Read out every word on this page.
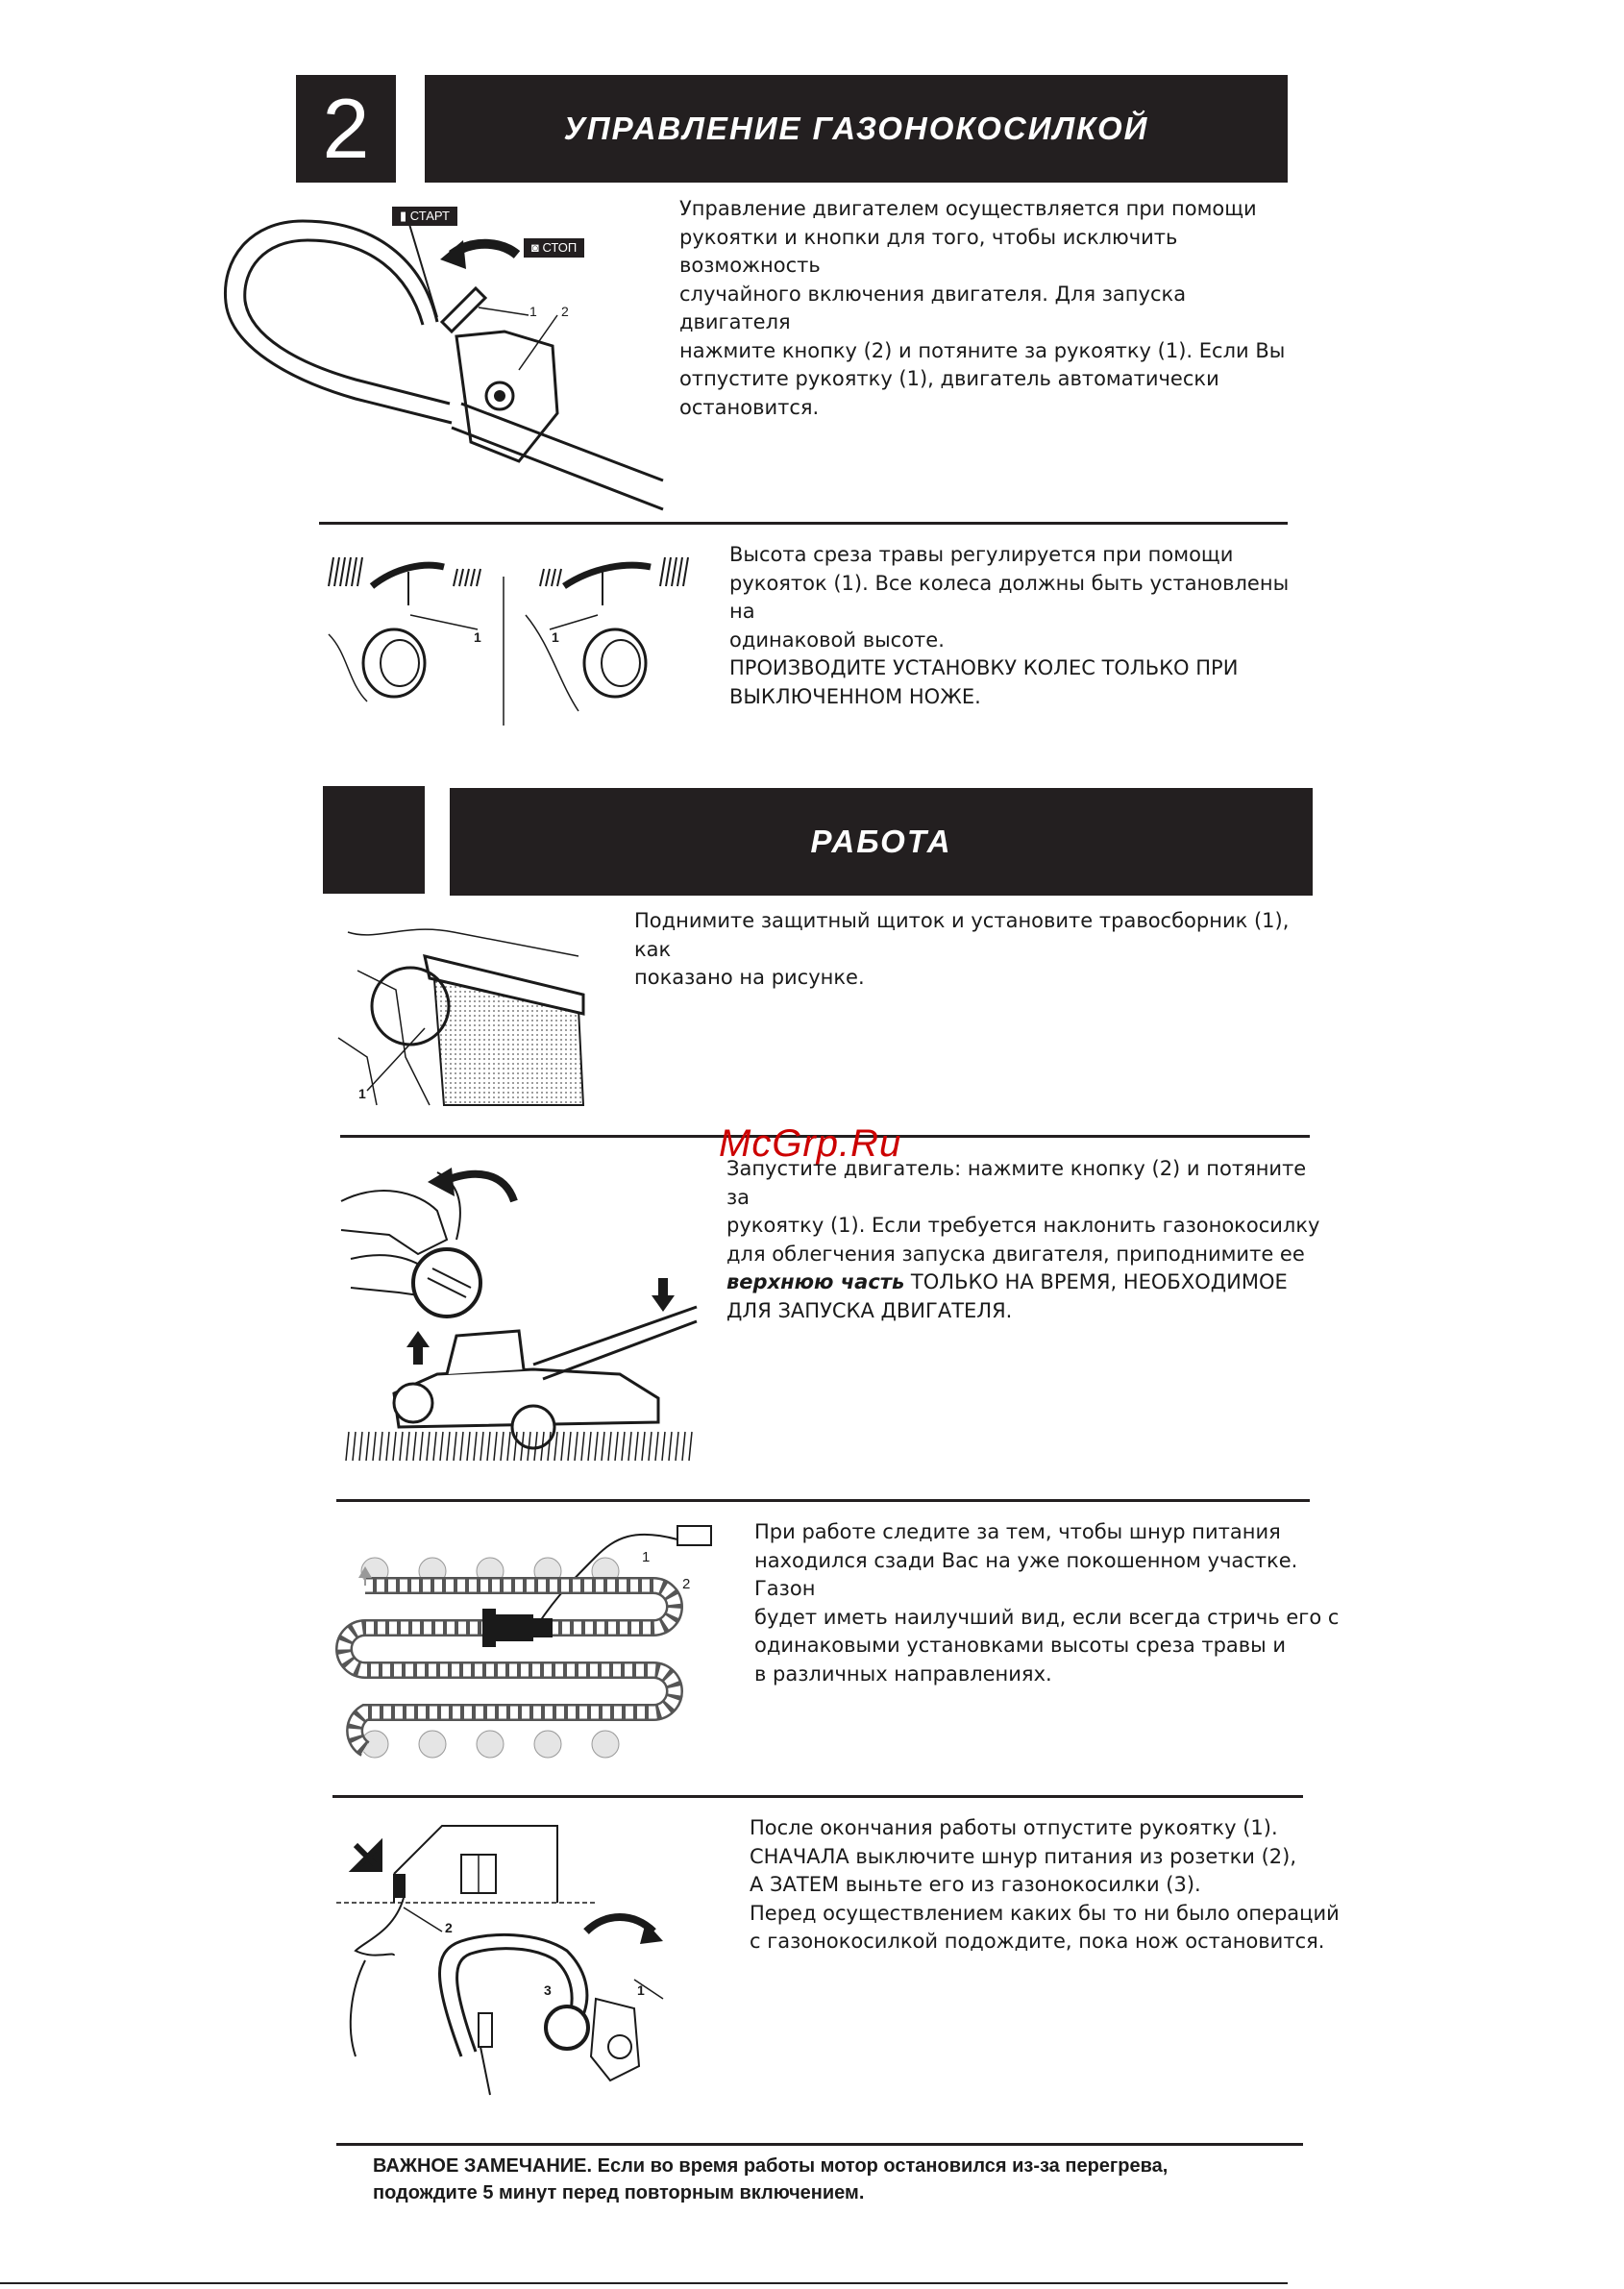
2	УПРАВЛЕНИЕ ГАЗОНОКОСИЛКОЙ
▮ СТАРТ
◙ СТОП
1 2

Управление двигателем осуществляется при помощи

рукоятки и кнопки для того, чтобы исключить возможность

случайного включения двигателя. Для запуска двигателя

нажмите кнопку (2) и потяните за рукоятку (1). Если Вы

отпустите рукоятку (1), двигатель автоматически остановится.

1	1

Высота среза травы регулируется при помощи

рукояток (1). Все колеса должны быть установлены на

одинаковой высоте.

ПРОИЗВОДИТЕ УСТАНОВКУ КОЛЕС ТОЛЬКО ПРИ

ВЫКЛЮЧЕННОМ НОЖЕ.

РАБОТА
1

Поднимите защитный щиток и установите травосборник (1), как

показано на рисунке.

McGrp.Ru

Запустите двигатель: нажмите кнопку (2) и потяните за

рукоятку (1). Если требуется наклонить газонокосилку

для облегчения запуска двигателя, приподнимите ее

верхнюю часть ТОЛЬКО НА ВРЕМЯ, НЕОБХОДИМОЕ

ДЛЯ ЗАПУСКА ДВИГАТЕЛЯ.

1
2

При работе следите за тем, чтобы шнур питания

находился сзади Вас на уже покошенном участке. Газон

будет иметь наилучший вид, если всегда стричь его с

одинаковыми установками высоты среза травы и

в различных направлениях.

2
3	1

После окончания работы отпустите рукоятку (1).

СНАЧАЛА выключите шнур питания из розетки (2),

А ЗАТЕМ выньте его из газонокосилки (3).

Перед осуществлением каких бы то ни было операций

с газонокосилкой подождите, пока нож остановится.

ВАЖНОЕ ЗАМЕЧАНИЕ. Если во время работы мотор остановился из-за перегрева,
подождите 5 минут перед повторным включением.
